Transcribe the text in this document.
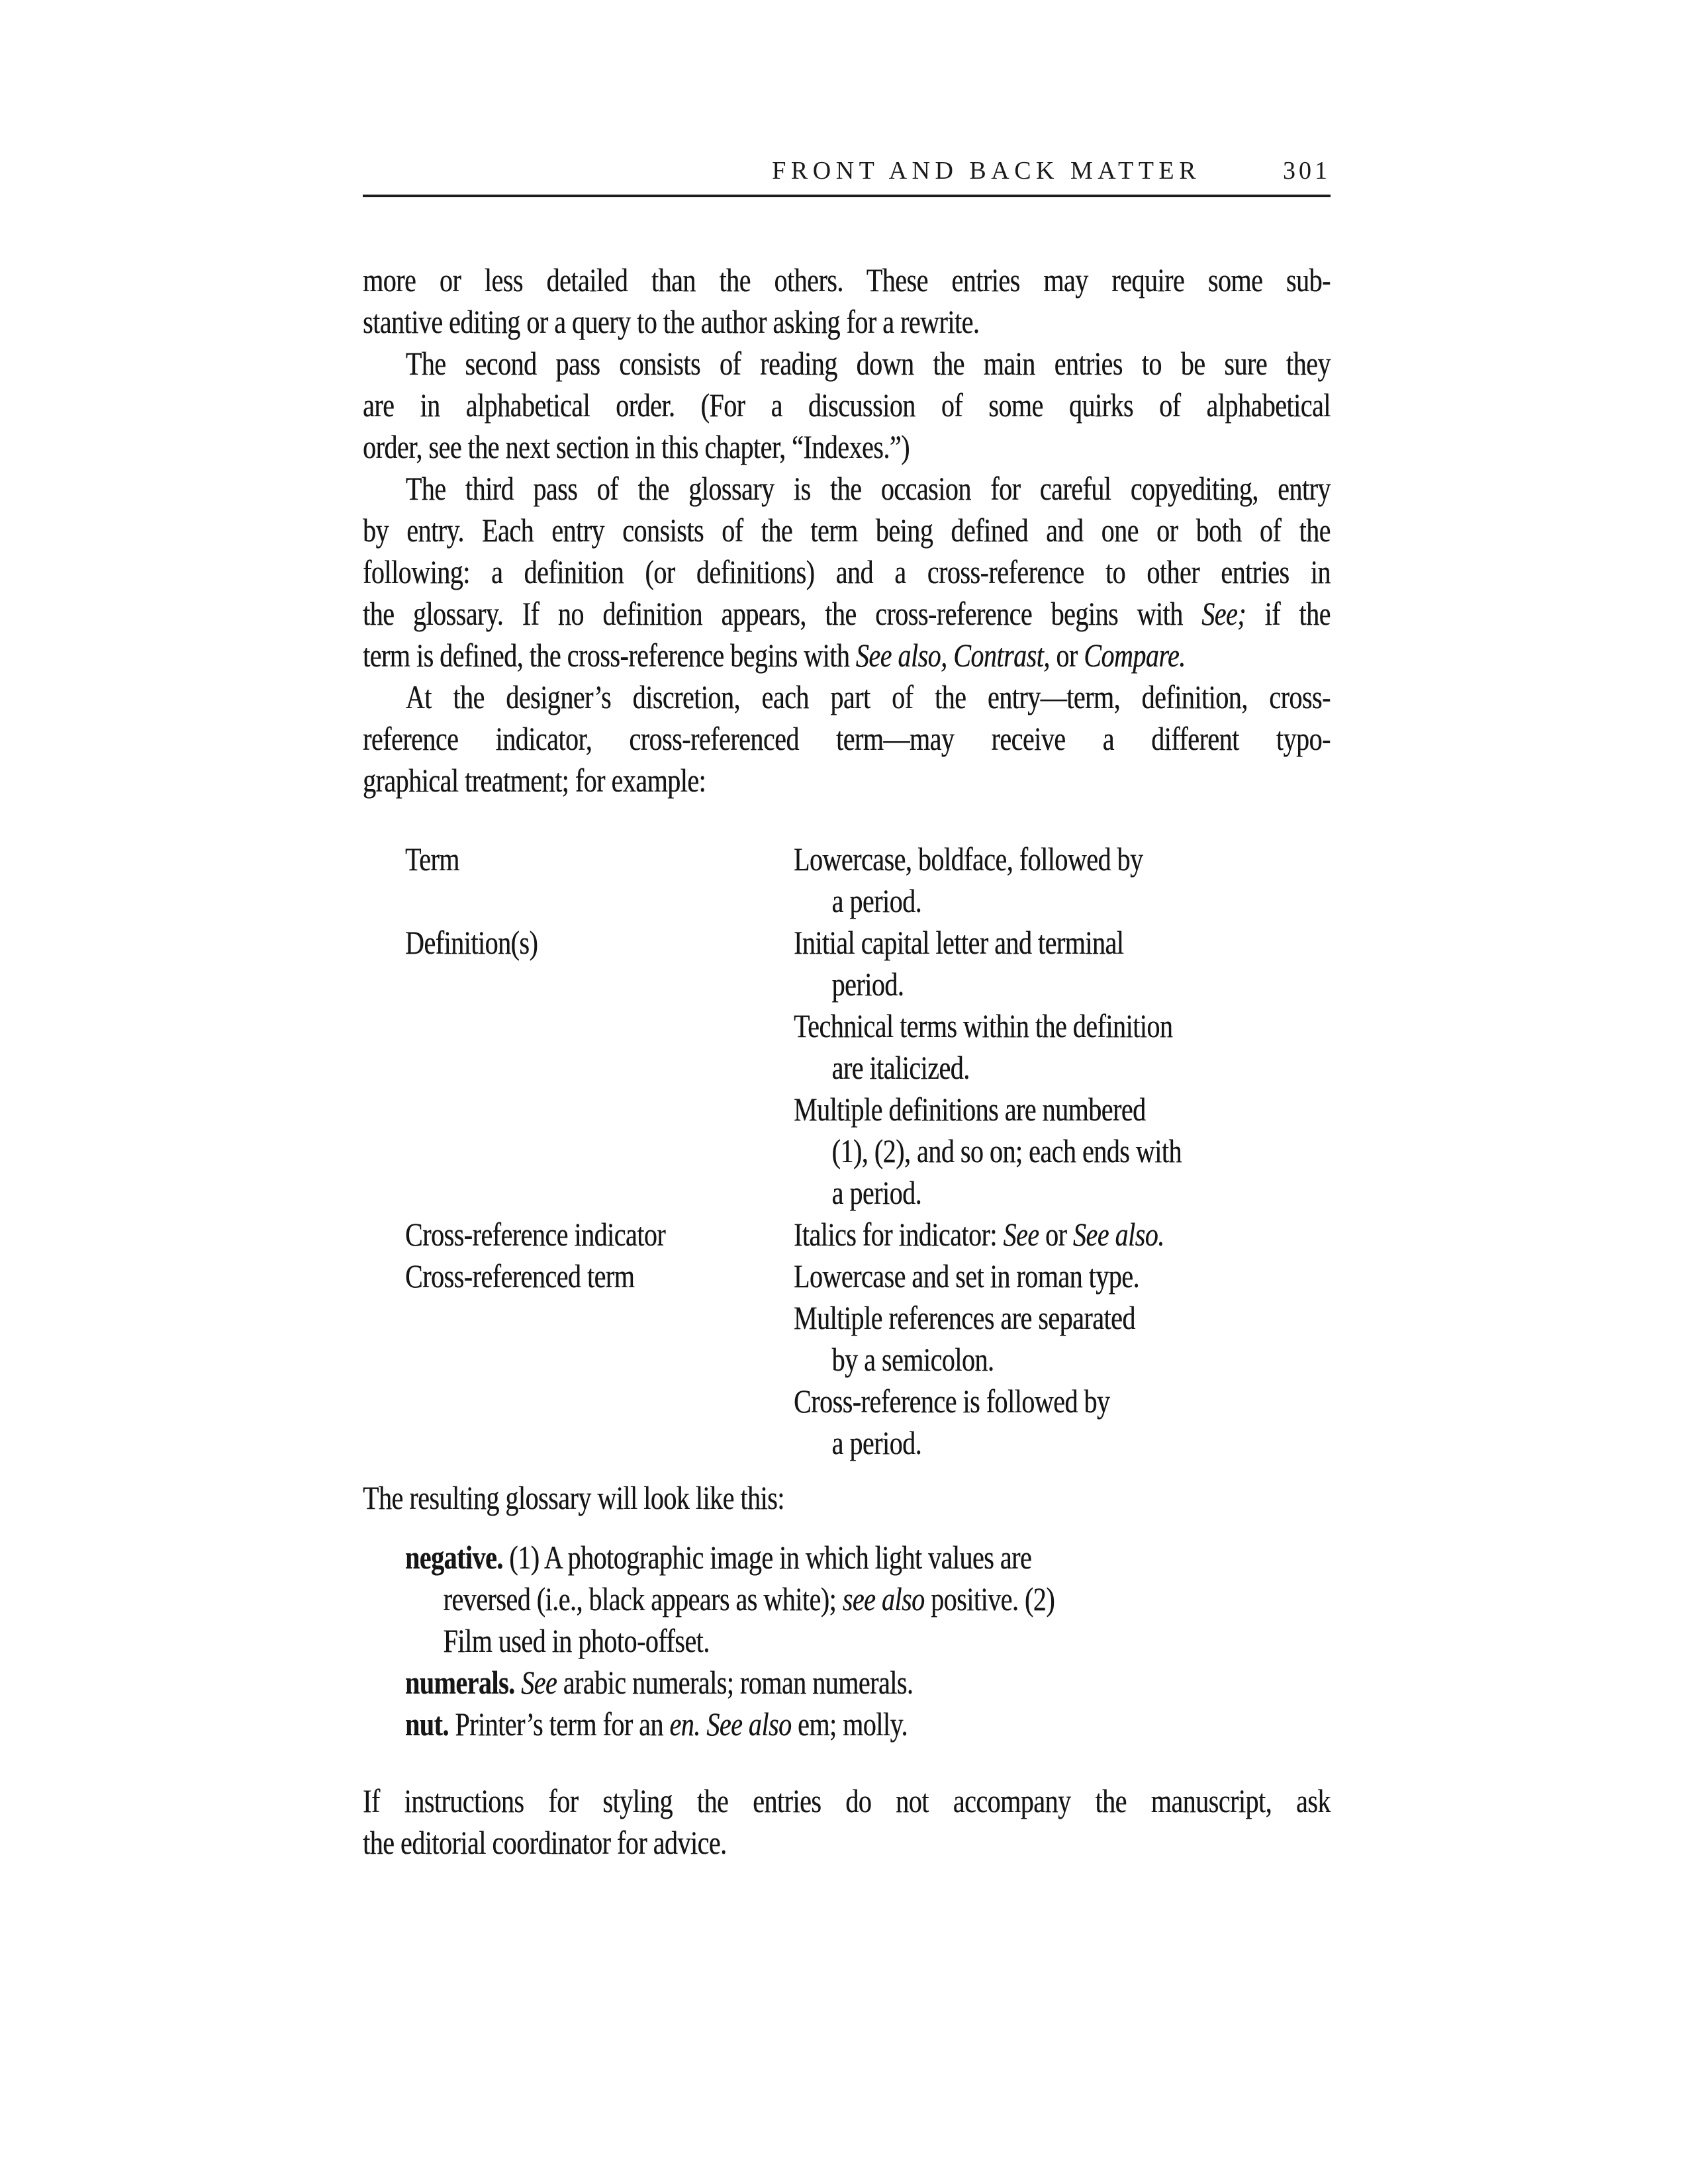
FRONT AND BACK MATTER	301
more or less detailed than the others. These entries may require some sub-
stantive editing or a query to the author asking for a rewrite.
The second pass consists of reading down the main entries to be sure they
are in alphabetical order. (For a discussion of some quirks of alphabetical
order, see the next section in this chapter, “Indexes.”)
The third pass of the glossary is the occasion for careful copyediting, entry
by entry. Each entry consists of the term being defined and one or both of the
following: a definition (or definitions) and a cross-reference to other entries in
the glossary. If no definition appears, the cross-reference begins with See; if the
term is defined, the cross-reference begins with See also, Contrast, or Compare.
At the designer’s discretion, each part of the entry—term, definition, cross-
reference indicator, cross-referenced term—may receive a different typo-
graphical treatment; for example:
Term	Lowercase, boldface, followed by
a period.
Definition(s)	Initial capital letter and terminal
period.
Technical terms within the definition
are italicized.
Multiple definitions are numbered
(1), (2), and so on; each ends with
a period.
Cross-reference indicator	Italics for indicator: See or See also.
Cross-referenced term	Lowercase and set in roman type.
Multiple references are separated
by a semicolon.
Cross-reference is followed by
a period.
The resulting glossary will look like this:
negative. (1) A photographic image in which light values are
reversed (i.e., black appears as white); see also positive. (2)
Film used in photo-offset.
numerals. See arabic numerals; roman numerals.
nut. Printer’s term for an en. See also em; molly.
If instructions for styling the entries do not accompany the manuscript, ask
the editorial coordinator for advice.
